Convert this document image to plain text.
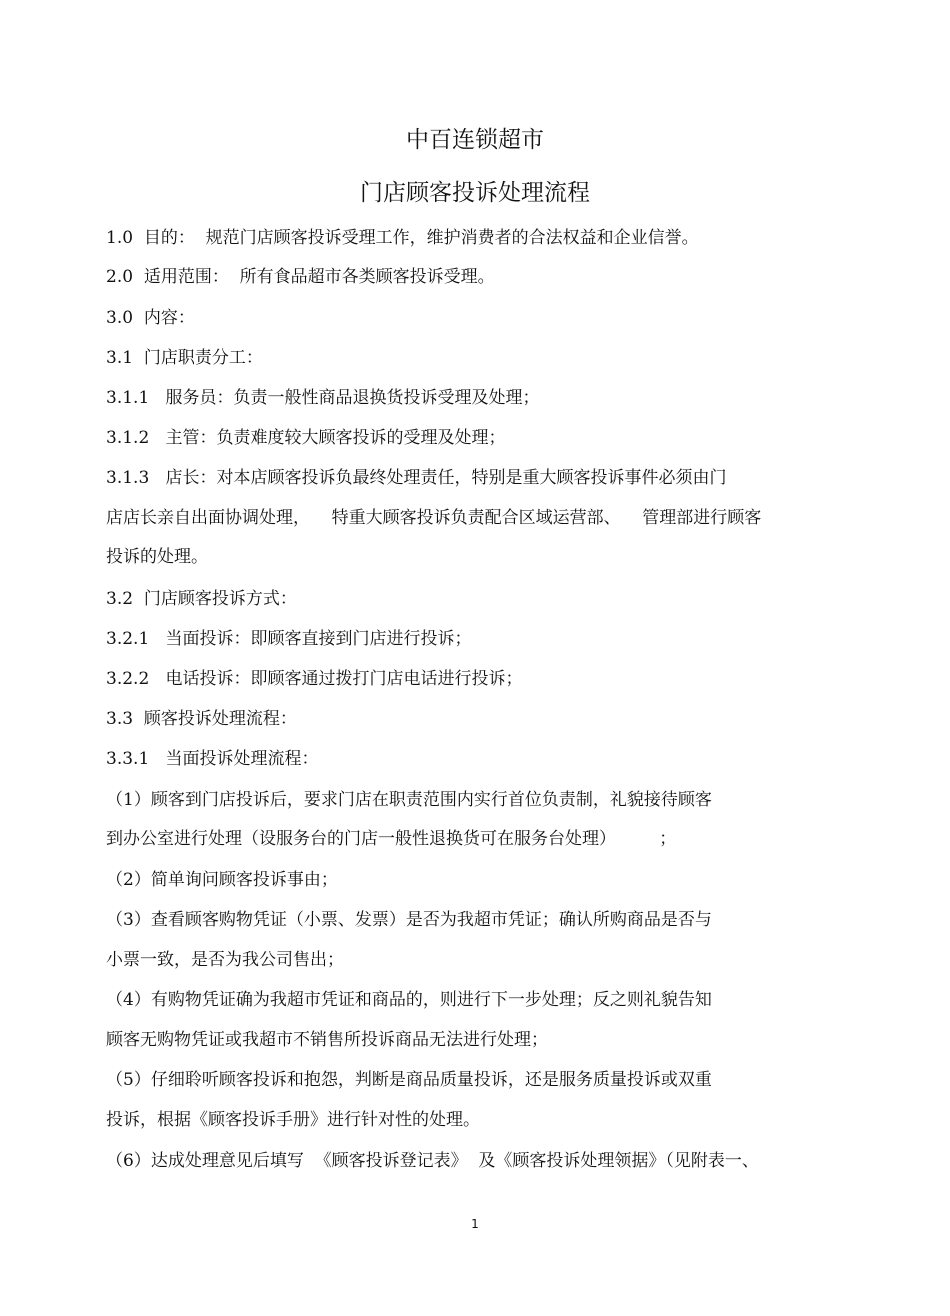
中百连锁超市
门店顾客投诉处理流程
1.0  目的：  规范门店顾客投诉受理工作，维护消费者的合法权益和企业信誉。
2.0  适用范围：  所有食品超市各类顾客投诉受理。
3.0  内容：
3.1  门店职责分工：
3.1.1   服务员：负责一般性商品退换货投诉受理及处理；
3.1.2   主管：负责难度较大顾客投诉的受理及处理；
3.1.3   店长：对本店顾客投诉负最终处理责任，特别是重大顾客投诉事件必须由门
店店长亲自出面协调处理，    特重大顾客投诉负责配合区域运营部、    管理部进行顾客
投诉的处理。
3.2  门店顾客投诉方式：
3.2.1   当面投诉：即顾客直接到门店进行投诉；
3.2.2   电话投诉：即顾客通过拨打门店电话进行投诉；
3.3  顾客投诉处理流程：
3.3.1   当面投诉处理流程：
（1）顾客到门店投诉后，要求门店在职责范围内实行首位负责制，礼貌接待顾客
到办公室进行处理（设服务台的门店一般性退换货可在服务台处理）        ；
（2）简单询问顾客投诉事由；
（3）查看顾客购物凭证（小票、发票）是否为我超市凭证；确认所购商品是否与
小票一致，是否为我公司售出；
（4）有购物凭证确为我超市凭证和商品的，则进行下一步处理；反之则礼貌告知
顾客无购物凭证或我超市不销售所投诉商品无法进行处理；
（5）仔细聆听顾客投诉和抱怨，判断是商品质量投诉，还是服务质量投诉或双重
投诉，根据《顾客投诉手册》进行针对性的处理。
（6）达成处理意见后填写  《顾客投诉登记表》  及《顾客投诉处理领据》（见附表一、
1
